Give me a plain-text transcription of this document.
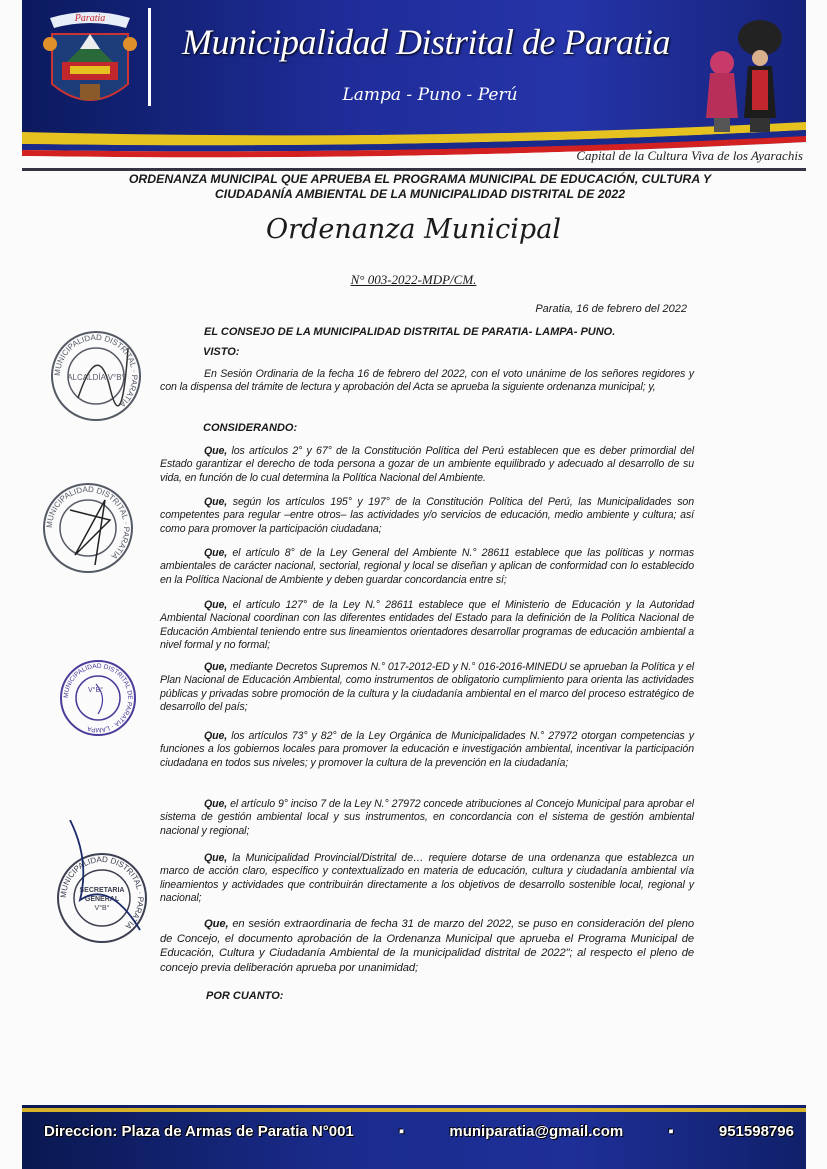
Paratia
Municipalidad Distrital de Paratia
Lampa - Puno - Perú
Capital de la Cultura Viva de los Ayarachis
ORDENANZA MUNICIPAL QUE APRUEBA EL PROGRAMA MUNICIPAL DE EDUCACIÓN, CULTURA Y CIUDADANÍA AMBIENTAL DE LA MUNICIPALIDAD DISTRITAL DE 2022
Ordenanza Municipal
N° 003-2022-MDP/CM.
Paratia, 16 de febrero del 2022
EL CONSEJO DE LA MUNICIPALIDAD DISTRITAL DE PARATIA- LAMPA- PUNO.
VISTO:
En Sesión Ordinaria de la fecha 16 de febrero del 2022, con el voto unánime de los señores regidores y con la dispensa del trámite de lectura y aprobación del Acta se aprueba la siguiente ordenanza municipal; y,
CONSIDERANDO:
Que, los artículos 2° y 67° de la Constitución Política del Perú establecen que es deber primordial del Estado garantizar el derecho de toda persona a gozar de un ambiente equilibrado y adecuado al desarrollo de su vida, en función de lo cual determina la Política Nacional del Ambiente.
Que, según los artículos 195° y 197° de la Constitución Política del Perú, las Municipalidades son competentes para regular –entre otros– las actividades y/o servicios de educación, medio ambiente y cultura; así como para promover la participación ciudadana;
Que, el artículo 8° de la Ley General del Ambiente N.° 28611 establece que las políticas y normas ambientales de carácter nacional, sectorial, regional y local se diseñan y aplican de conformidad con lo establecido en la Política Nacional de Ambiente y deben guardar concordancia entre sí;
Que, el artículo 127° de la Ley N.° 28611 establece que el Ministerio de Educación y la Autoridad Ambiental Nacional coordinan con las diferentes entidades del Estado para la definición de la Política Nacional de Educación Ambiental teniendo entre sus lineamientos orientadores desarrollar programas de educación ambiental a nivel formal y no formal;
Que, mediante Decretos Supremos N.° 017-2012-ED y N.° 016-2016-MINEDU se aprueban la Política y el Plan Nacional de Educación Ambiental, como instrumentos de obligatorio cumplimiento para orienta las actividades públicas y privadas sobre promoción de la cultura y la ciudadanía ambiental en el marco del proceso estratégico de desarrollo del país;
Que, los artículos 73° y 82° de la Ley Orgánica de Municipalidades N.° 27972 otorgan competencias y funciones a los gobiernos locales para promover la educación e investigación ambiental, incentivar la participación ciudadana en todos sus niveles; y promover la cultura de la prevención en la ciudadanía;
Que, el artículo 9° inciso 7 de la Ley N.° 27972 concede atribuciones al Concejo Municipal para aprobar el sistema de gestión ambiental local y sus instrumentos, en concordancia con el sistema de gestión ambiental nacional y regional;
Que, la Municipalidad Provincial/Distrital de… requiere dotarse de una ordenanza que establezca un marco de acción claro, específico y contextualizado en materia de educación, cultura y ciudadanía ambiental vía lineamientos y actividades que contribuirán directamente a los objetivos de desarrollo sostenible local, regional y nacional;
Que, en sesión extraordinaria de fecha 31 de marzo del 2022, se puso en consideración del pleno de Concejo, el documento aprobación de la Ordenanza Municipal que aprueba el Programa Municipal de Educación, Cultura y Ciudadanía Ambiental de la municipalidad distrital de 2022"; al respecto el pleno de concejo previa deliberación aprueba por unanimidad;
POR CUANTO:
MUNICIPALIDAD DISTRITAL · PARATIA
ALCALDÍA V°B°
MUNICIPALIDAD DISTRITAL · PARATIA
MUNICIPALIDAD DISTRITAL DE PARATIA · LAMPA
V°B°
MUNICIPALIDAD DISTRITAL · PARATIA
SECRETARIA
GENERAL
V°B°
Direccion: Plaza de Armas de Paratia N°001	▪	muniparatia@gmail.com	▪	951598796
